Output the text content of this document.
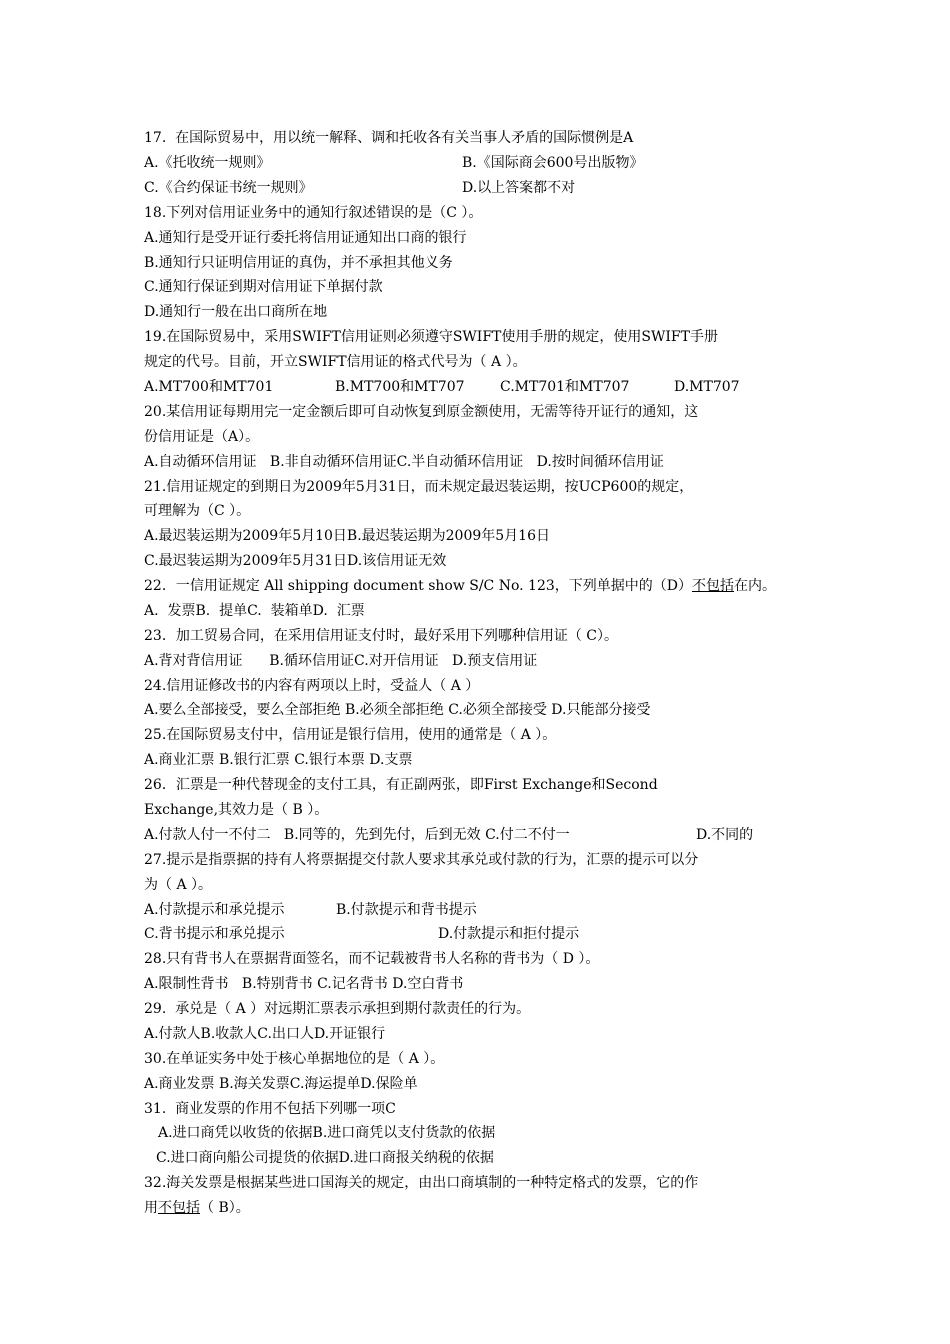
17.  在国际贸易中，用以统一解释、调和托收各有关当事人矛盾的国际惯例是A
A.《托收统一规则》	B.《国际商会600号出版物》
C.《合约保证书统一规则》	D.以上答案都不对
18.下列对信用证业务中的通知行叙述错误的是（C ）。
A.通知行是受开证行委托将信用证通知出口商的银行
B.通知行只证明信用证的真伪，并不承担其他义务
C.通知行保证到期对信用证下单据付款
D.通知行一般在出口商所在地
19.在国际贸易中，采用SWIFT信用证则必须遵守SWIFT使用手册的规定，使用SWIFT手册
规定的代号。目前，开立SWIFT信用证的格式代号为（ A ）。
A.MT700和MT701	B.MT700和MT707	C.MT701和MT707	D.MT707
20.某信用证每期用完一定金额后即可自动恢复到原金额使用，无需等待开证行的通知，这
份信用证是（A）。
A.自动循环信用证   B.非自动循环信用证C.半自动循环信用证   D.按时间循环信用证
21.信用证规定的到期日为2009年5月31日，而未规定最迟装运期，按UCP600的规定，
可理解为（C ）。
A.最迟装运期为2009年5月10日B.最迟装运期为2009年5月16日
C.最迟装运期为2009年5月31日D.该信用证无效
22．一信用证规定 All shipping document show S/C No. 123，下列单据中的（D）不包括在内。
A.  发票B.  提单C.  装箱单D.  汇票
23．加工贸易合同，在采用信用证支付时，最好采用下列哪种信用证（ C）。
A.背对背信用证      B.循环信用证C.对开信用证   D.预支信用证
24.信用证修改书的内容有两项以上时，受益人（ A ）
A.要么全部接受，要么全部拒绝 B.必须全部拒绝 C.必须全部接受 D.只能部分接受
25.在国际贸易支付中，信用证是银行信用，使用的通常是（ A ）。
A.商业汇票 B.银行汇票 C.银行本票 D.支票
26．汇票是一种代替现金的支付工具，有正副两张，即First Exchange和Second
Exchange,其效力是（ B ）。
A.付款人付一不付二   B.同等的，先到先付，后到无效 C.付二不付一	D.不同的
27.提示是指票据的持有人将票据提交付款人要求其承兑或付款的行为，汇票的提示可以分
为（ A ）。
A.付款提示和承兑提示	B.付款提示和背书提示
C.背书提示和承兑提示	D.付款提示和拒付提示
28.只有背书人在票据背面签名，而不记载被背书人名称的背书为（ D ）。
A.限制性背书   B.特别背书 C.记名背书 D.空白背书
29.  承兑是（ A ）对远期汇票表示承担到期付款责任的行为。
A.付款人B.收款人C.出口人D.开证银行
30.在单证实务中处于核心单据地位的是（ A ）。
A.商业发票 B.海关发票C.海运提单D.保险单
31.  商业发票的作用不包括下列哪一项C
A.进口商凭以收货的依据B.进口商凭以支付货款的依据
C.进口商向船公司提货的依据D.进口商报关纳税的依据
32.海关发票是根据某些进口国海关的规定，由出口商填制的一种特定格式的发票，它的作
用不包括（ B）。
